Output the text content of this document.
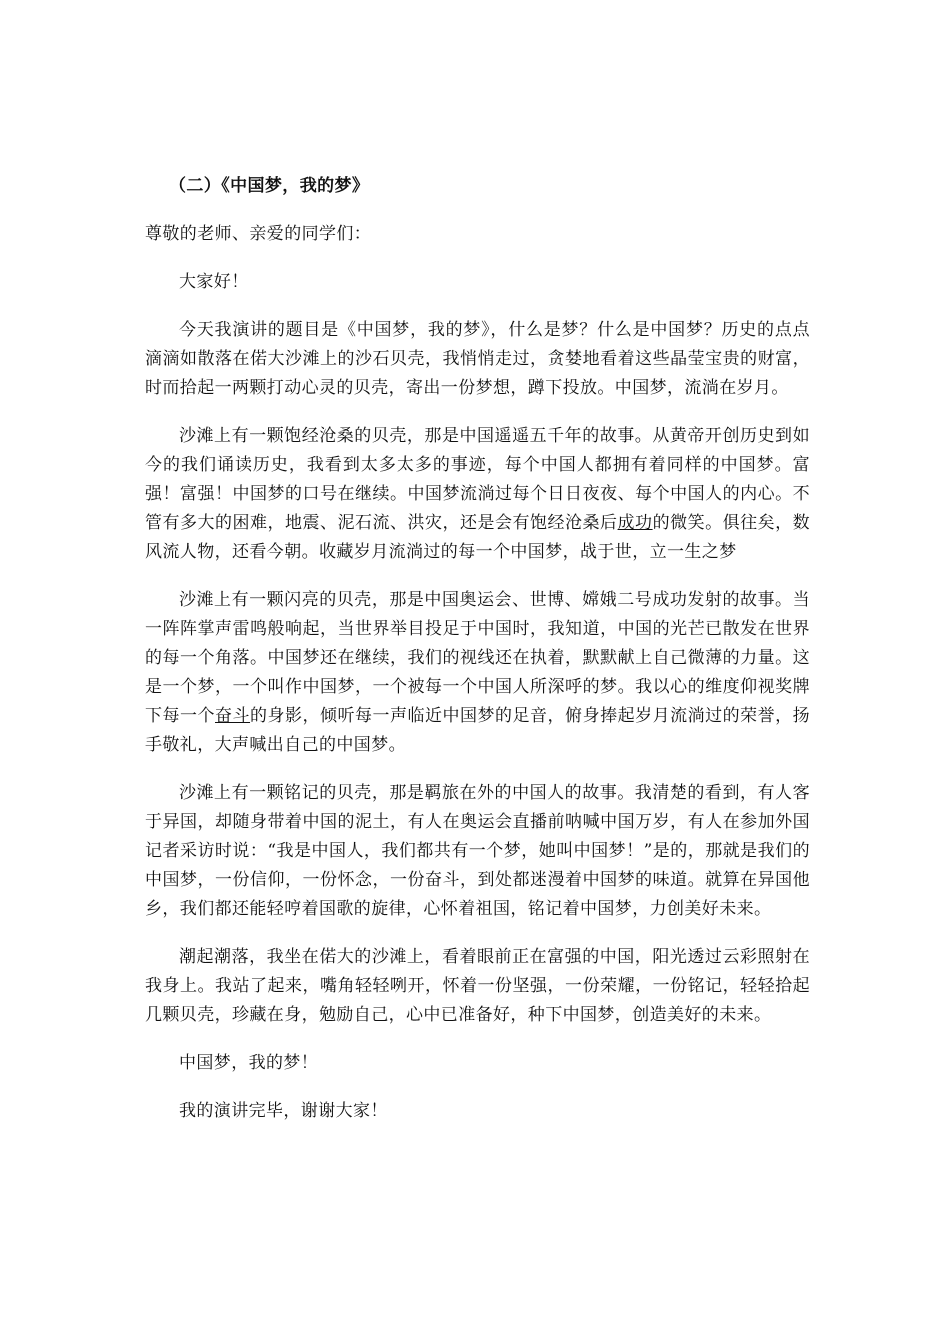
（二）《中国梦，我的梦》

尊敬的老师、亲爱的同学们：

大家好！

今天我演讲的题目是《中国梦，我的梦》，什么是梦？什么是中国梦？历史的点点滴滴如散落在偌大沙滩上的沙石贝壳，我悄悄走过，贪婪地看着这些晶莹宝贵的财富，时而拾起一两颗打动心灵的贝壳，寄出一份梦想，蹲下投放。中国梦，流淌在岁月。

沙滩上有一颗饱经沧桑的贝壳，那是中国遥遥五千年的故事。从黄帝开创历史到如今的我们诵读历史，我看到太多太多的事迹，每个中国人都拥有着同样的中国梦。富强！富强！中国梦的口号在继续。中国梦流淌过每个日日夜夜、每个中国人的内心。不管有多大的困难，地震、泥石流、洪灾，还是会有饱经沧桑后成功的微笑。俱往矣，数风流人物，还看今朝。收藏岁月流淌过的每一个中国梦，战于世，立一生之梦

沙滩上有一颗闪亮的贝壳，那是中国奥运会、世博、嫦娥二号成功发射的故事。当一阵阵掌声雷鸣般响起，当世界举目投足于中国时，我知道，中国的光芒已散发在世界的每一个角落。中国梦还在继续，我们的视线还在执着，默默献上自己微薄的力量。这是一个梦，一个叫作中国梦，一个被每一个中国人所深呼的梦。我以心的维度仰视奖牌下每一个奋斗的身影，倾听每一声临近中国梦的足音，俯身捧起岁月流淌过的荣誉，扬手敬礼，大声喊出自己的中国梦。

沙滩上有一颗铭记的贝壳，那是羁旅在外的中国人的故事。我清楚的看到，有人客于异国，却随身带着中国的泥土，有人在奥运会直播前呐喊中国万岁，有人在参加外国记者采访时说：“我是中国人，我们都共有一个梦，她叫中国梦！”是的，那就是我们的中国梦，一份信仰，一份怀念，一份奋斗，到处都迷漫着中国梦的味道。就算在异国他乡，我们都还能轻哼着国歌的旋律，心怀着祖国，铭记着中国梦，力创美好未来。

潮起潮落，我坐在偌大的沙滩上，看着眼前正在富强的中国，阳光透过云彩照射在我身上。我站了起来，嘴角轻轻咧开，怀着一份坚强，一份荣耀，一份铭记，轻轻拾起几颗贝壳，珍藏在身，勉励自己，心中已准备好，种下中国梦，创造美好的未来。

中国梦，我的梦！

我的演讲完毕，谢谢大家！
